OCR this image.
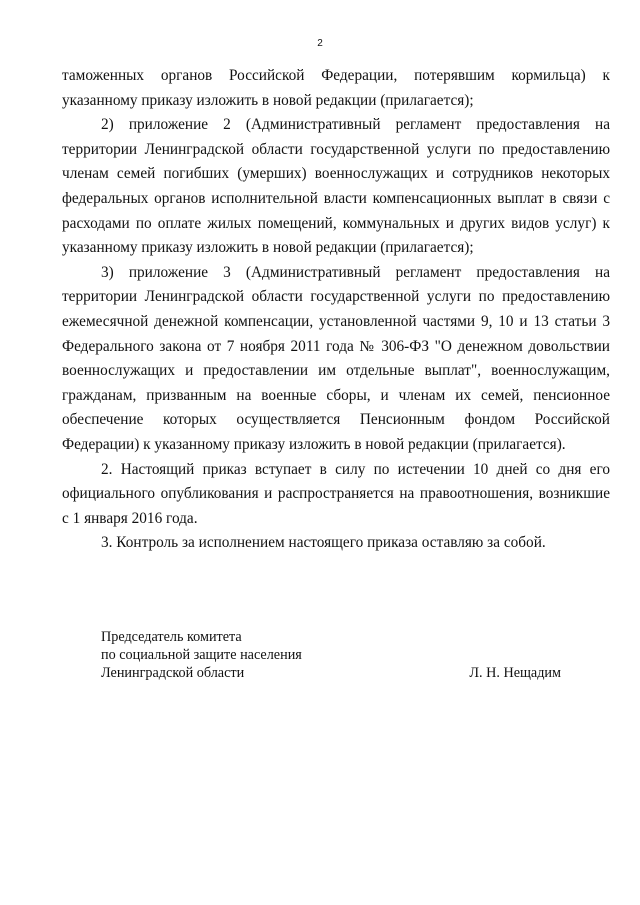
2

таможенных органов Российской Федерации, потерявшим кормильца) к указанному приказу изложить в новой редакции (прилагается);

2) приложение 2 (Административный регламент предоставления на территории Ленинградской области государственной услуги по предоставлению членам семей погибших (умерших) военнослужащих и сотрудников некоторых федеральных органов исполнительной власти компенсационных выплат в связи с расходами по оплате жилых помещений, коммунальных и других видов услуг) к указанному приказу изложить в новой редакции (прилагается);

3) приложение 3 (Административный регламент предоставления на территории Ленинградской области государственной услуги по предоставлению ежемесячной денежной компенсации, установленной частями 9, 10 и 13 статьи 3 Федерального закона от 7 ноября 2011 года № 306-ФЗ "О денежном довольствии военнослужащих и предоставлении им отдельные выплат", военнослужащим, гражданам, призванным на военные сборы, и членам их семей, пенсионное обеспечение которых осуществляется Пенсионным фондом Российской Федерации) к указанному приказу изложить в новой редакции (прилагается).

2. Настоящий приказ вступает в силу по истечении 10 дней со дня его официального опубликования и распространяется на правоотношения, возникшие с 1 января 2016 года.

3. Контроль за исполнением настоящего приказа оставляю за собой.

Председатель комитета
по социальной защите населения
Ленинградской области	Л. Н. Нещадим
